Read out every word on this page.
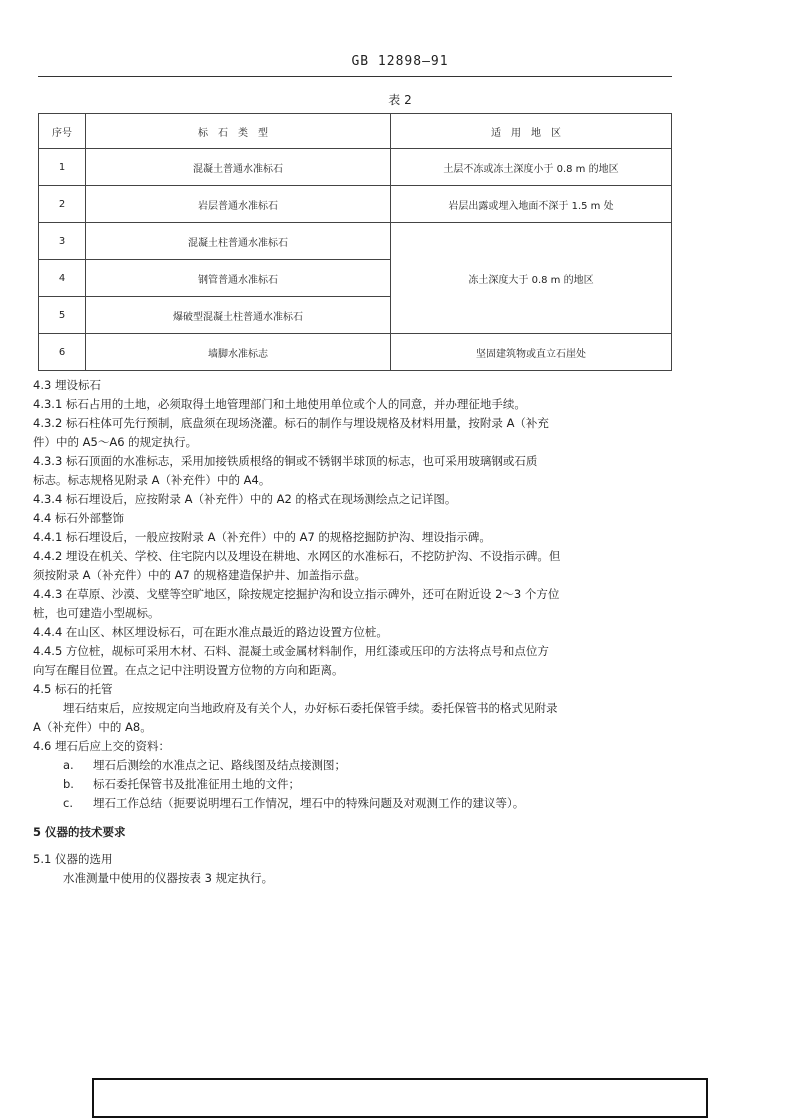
GB 12898—91
表 2
序号	标石类型	适用地区
1	混凝土普通水准标石	土层不冻或冻土深度小于 0.8 m 的地区
2	岩层普通水准标石	岩层出露或埋入地面不深于 1.5 m 处
3	混凝土柱普通水准标石	冻土深度大于 0.8 m 的地区
4	钢管普通水准标石	
5	爆破型混凝土柱普通水准标石	
6	墙脚水准标志	坚固建筑物或直立石崖处

4.3 埋设标石

4.3.1 标石占用的土地，必须取得土地管理部门和土地使用单位或个人的同意，并办理征地手续。

4.3.2 标石柱体可先行预制，底盘须在现场浇灌。标石的制作与埋设规格及材料用量，按附录 A（补充

件）中的 A5～A6 的规定执行。

4.3.3 标石顶面的水准标志，采用加接铁质根络的铜或不锈钢半球顶的标志，也可采用玻璃钢或石质

标志。标志规格见附录 A（补充件）中的 A4。

4.3.4 标石埋设后，应按附录 A（补充件）中的 A2 的格式在现场测绘点之记详图。

4.4 标石外部整饰

4.4.1 标石埋设后，一般应按附录 A（补充件）中的 A7 的规格挖掘防护沟、埋设指示碑。

4.4.2 埋设在机关、学校、住宅院内以及埋设在耕地、水网区的水准标石，不挖防护沟、不设指示碑。但

须按附录 A（补充件）中的 A7 的规格建造保护井、加盖指示盘。

4.4.3 在草原、沙漠、戈壁等空旷地区，除按规定挖掘护沟和设立指示碑外，还可在附近设 2～3 个方位

桩，也可建造小型觇标。

4.4.4 在山区、林区埋设标石，可在距水准点最近的路边设置方位桩。

4.4.5 方位桩，觇标可采用木材、石料、混凝土或金属材料制作，用红漆或压印的方法将点号和点位方

向写在醒目位置。在点之记中注明设置方位物的方向和距离。

4.5 标石的托管

埋石结束后，应按规定向当地政府及有关个人，办好标石委托保管手续。委托保管书的格式见附录

A（补充件）中的 A8。

4.6 埋石后应上交的资料：

a. 埋石后测绘的水准点之记、路线图及结点接测图；

b. 标石委托保管书及批准征用土地的文件；

c. 埋石工作总结（扼要说明埋石工作情况，埋石中的特殊问题及对观测工作的建议等）。

5 仪器的技术要求

5.1 仪器的选用

水准测量中使用的仪器按表 3 规定执行。
